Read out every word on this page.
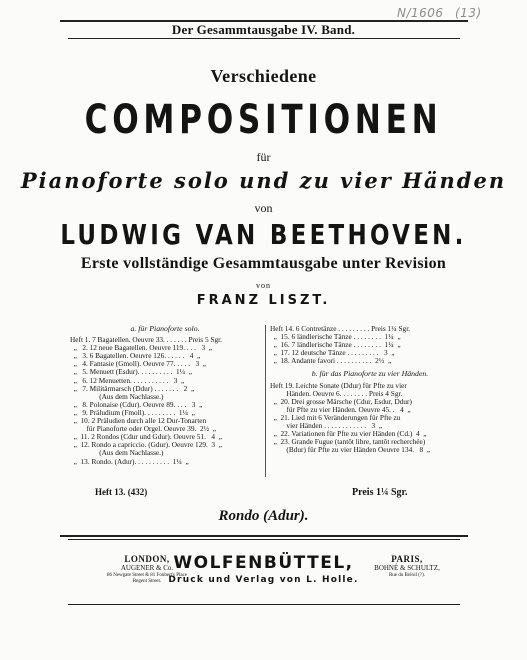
N/1606 (13)
Der Gesammtausgabe IV. Band.
Verschiedene
COMPOSITIONEN
für
Pianoforte solo und zu vier Händen
von
LUDWIG VAN BEETHOVEN.
Erste vollständige Gesammtausgabe unter Revision
von
FRANZ LISZT.
a. für Pianoforte solo.
Heft 1. 7 Bagatellen. Oeuvre 33. . . . . . . Preis 5 Sgr.
„   2. 12 neue Bagatellen. Oeuvre 119. . . .   3  „
„   3. 6 Bagatellen. Oeuvre 126. . . . . .   4  „
„   4. Fantasie (Gmoll). Oeuvre 77. . . . .   3  „
„   5. Menuett (Esdur). . . . . . . . . .  1¼  „
„   6. 12 Menuetten. . . . . . . . . . .   3  „
„   7. Militärmarsch (Ddur) . . . . . . .   2  „
(Aus dem Nachlasse.)
„   8. Polonaise (Cdur). Oeuvre 89. . . .   3  „
„   9. Präludium (Fmoll). . . . . . . . .  1¼  „
„  10. 2 Präludien durch alle 12 Dur-Tonarten
für Pianoforte oder Orgel. Oeuvre 39.  2½  „
„  11. 2 Rondos (Cdur und Gdur). Oeuvre 51.   4  „
„  12. Rondo a capriccio. (Gdur). Oeuvre 129.  3  „
(Aus dem Nachlasse.)
„  13. Rondo. (Adur). . . . . . . . . .  1¼  „
Heft 14. 6 Contretänze . . . . . . . . . Preis 1¼ Sgr.
„  15. 6 ländlerische Tänze . . . . . . . .  1¼  „
„  16. 7 ländlerische Tänze . . . . . . . .  1¼  „
„  17. 12 deutsche Tänze . . . . . . . . .   3  „
„  18. Andante favori . . . . . . . . . .  2½  „
b. für das Pianoforte zu vier Händen.
Heft 19. Leichte Sonate (Ddur) für Pfte zu vier
Händen. Oeuvre 6. . . . . . . . Preis 4 Sgr.
„  20. Drei grosse Märsche (Cdur, Esdur, Ddur)
für Pfte zu vier Händen. Oeuvre 45. .   4  „
„  21. Lied mit 6 Veränderungen für Pfte zu
vier Händen . . . . . . . . . . . .   3  „
„  22. Variationen für Pfte zu vier Händen (Cd.)  4  „
„  23. Grande Fugue (tantôt libre, tantôt recherchée)
(Bdur) für Pfte zu vier Händen Oeuvre 134.   8  „
Heft 13. (432)	Preis 1¼ Sgr.
Rondo (Adur).
LONDON,
AUGENER & Co.
86 Newgate Street & 81 Foubert's Place
Regent Street.
WOLFENBÜTTEL,
Druck und Verlag von L. Holle.
PARIS,
BOHNÉ & SCHULTZ,
Rue du Bréxil (?).
